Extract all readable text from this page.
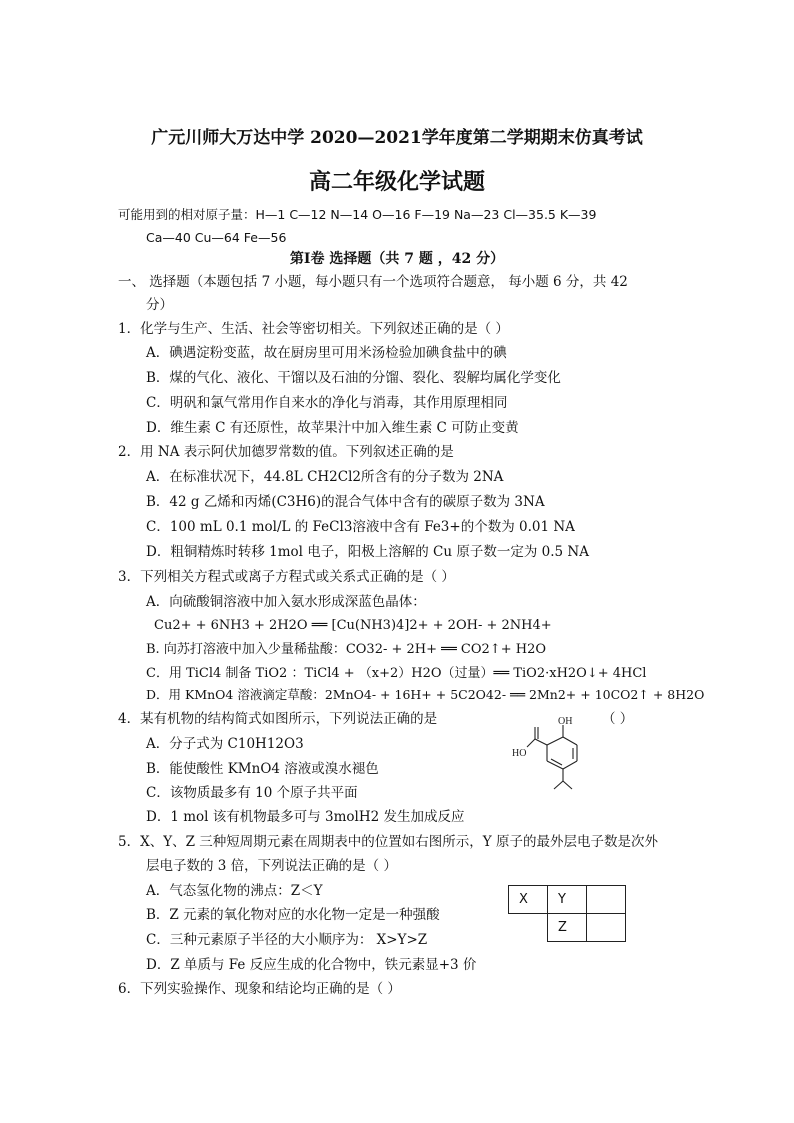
广元川师大万达中学 2020—2021学年度第二学期期末仿真考试
高二年级化学试题
可能用到的相对原子量：H—1 C—12 N—14 O—16 F—19 Na—23 Cl—35.5 K—39
Ca—40 Cu—64 Fe—56
第Ⅰ卷 选择题（共 7 题 ，42 分）
一、 选择题（本题包括 7 小题，每小题只有一个选项符合题意， 每小题 6 分，共 42
分）
1．化学与生产、生活、社会等密切相关。下列叙述正确的是（ ）
A．碘遇淀粉变蓝，故在厨房里可用米汤检验加碘食盐中的碘
B．煤的气化、液化、干馏以及石油的分馏、裂化、裂解均属化学变化
C．明矾和氯气常用作自来水的净化与消毒，其作用原理相同
D．维生素 C 有还原性，故苹果汁中加入维生素 C 可防止变黄
2．用 NA 表示阿伏加德罗常数的值。下列叙述正确的是
A．在标准状况下，44.8L CH2Cl2所含有的分子数为 2NA
B．42 g 乙烯和丙烯(C3H6)的混合气体中含有的碳原子数为 3NA
C．100 mL 0.1 mol/L 的 FeCl3溶液中含有 Fe3+的个数为 0.01 NA
D．粗铜精炼时转移 1mol 电子，阳极上溶解的 Cu 原子数一定为 0.5 NA
3．下列相关方程式或离子方程式或关系式正确的是（ ）
A．向硫酸铜溶液中加入氨水形成深蓝色晶体：
Cu2+ + 6NH3 + 2H2O ══ [Cu(NH3)4]2+ + 2OH- + 2NH4+
B. 向苏打溶液中加入少量稀盐酸：CO32- + 2H+ ══ CO2↑+ H2O
C．用 TiCl4 制备 TiO2 ：TiCl4 + （x+2）H2O（过量）══ TiO2·xH2O↓+ 4HCl
D．用 KMnO4 溶液滴定草酸：2MnO4- + 16H+ + 5C2O42- ══ 2Mn2+ + 10CO2↑ + 8H2O
4．某有机物的结构简式如图所示，下列说法正确的是	（ ）
A．分子式为 C10H12O3
B．能使酸性 KMnO4 溶液或溴水褪色
C．该物质最多有 10 个原子共平面
D．1 mol 该有机物最多可与 3molH2 发生加成反应
OH
HO
5．X、Y、Z 三种短周期元素在周期表中的位置如右图所示，Y 原子的最外层电子数是次外
层电子数的 3 倍，下列说法正确的是（ ）
A．气态氢化物的沸点：Z＜Y
B．Z 元素的氧化物对应的水化物一定是一种强酸
C．三种元素原子半径的大小顺序为： X>Y>Z
D．Z 单质与 Fe 反应生成的化合物中，铁元素显+3 价
X	Y	
	Z	
6．下列实验操作、现象和结论均正确的是（ ）
